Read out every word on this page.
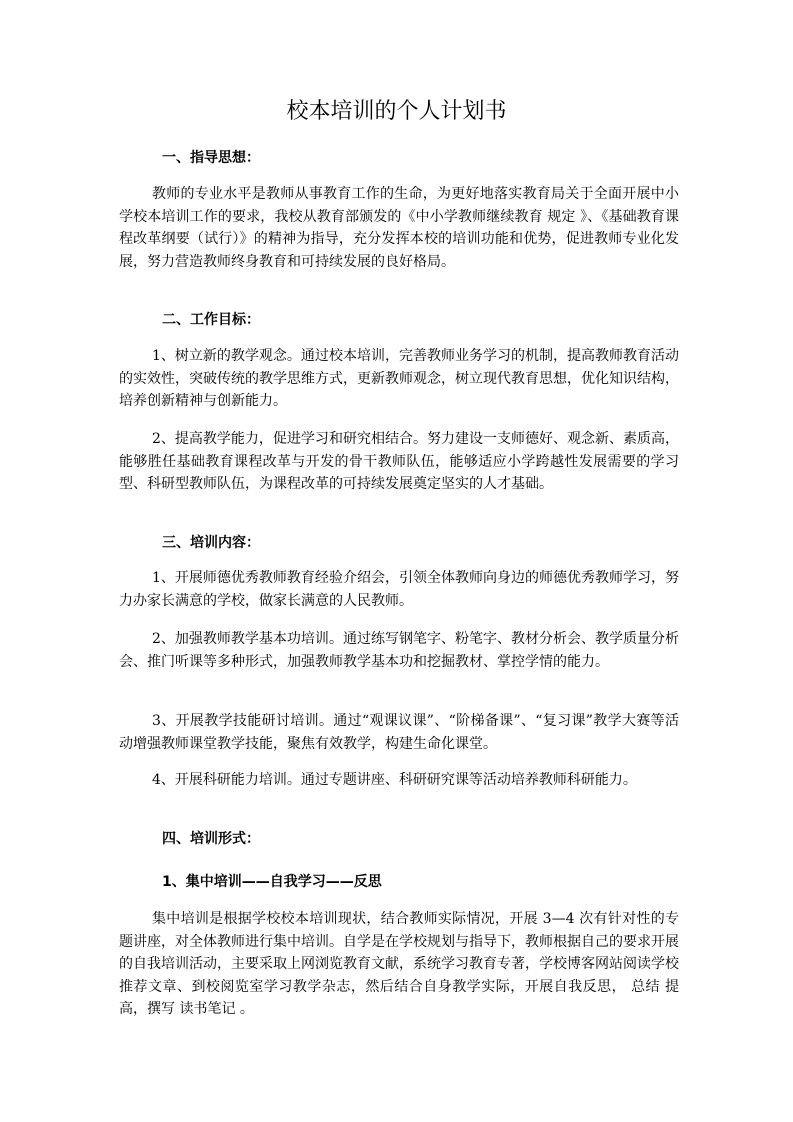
校本培训的个人计划书
一、指导思想：

教师的专业水平是教师从事教育工作的生命，为更好地落实教育局关于全面开展中小学校本培训工作的要求，我校从教育部颁发的《中小学教师继续教育 规定 》、《基础教育课程改革纲要（试行）》的精神为指导，充分发挥本校的培训功能和优势，促进教师专业化发展，努力营造教师终身教育和可持续发展的良好格局。

二、工作目标：

1、树立新的教学观念。通过校本培训，完善教师业务学习的机制，提高教师教育活动的实效性，突破传统的教学思维方式，更新教师观念，树立现代教育思想，优化知识结构，培养创新精神与创新能力。

2、提高教学能力，促进学习和研究相结合。努力建设一支师德好、观念新、素质高，能够胜任基础教育课程改革与开发的骨干教师队伍，能够适应小学跨越性发展需要的学习型、科研型教师队伍，为课程改革的可持续发展奠定坚实的人才基础。

三、培训内容：

1、开展师德优秀教师教育经验介绍会，引领全体教师向身边的师德优秀教师学习，努力办家长满意的学校，做家长满意的人民教师。

2、加强教师教学基本功培训。通过练写钢笔字、粉笔字、教材分析会、教学质量分析会、推门听课等多种形式，加强教师教学基本功和挖掘教材、掌控学情的能力。

3、开展教学技能研讨培训。通过“观课议课”、“阶梯备课”、“复习课”教学大赛等活动增强教师课堂教学技能，聚焦有效教学，构建生命化课堂。

4、开展科研能力培训。通过专题讲座、科研研究课等活动培养教师科研能力。

四、培训形式：
1、集中培训——自我学习——反思

集中培训是根据学校校本培训现状，结合教师实际情况，开展 3—4 次有针对性的专题讲座，对全体教师进行集中培训。自学是在学校规划与指导下，教师根据自己的要求开展的自我培训活动，主要采取上网浏览教育文献，系统学习教育专著，学校博客网站阅读学校推荐文章、到校阅览室学习教学杂志，然后结合自身教学实际，开展自我反思， 总结 提高，撰写 读书笔记 。
